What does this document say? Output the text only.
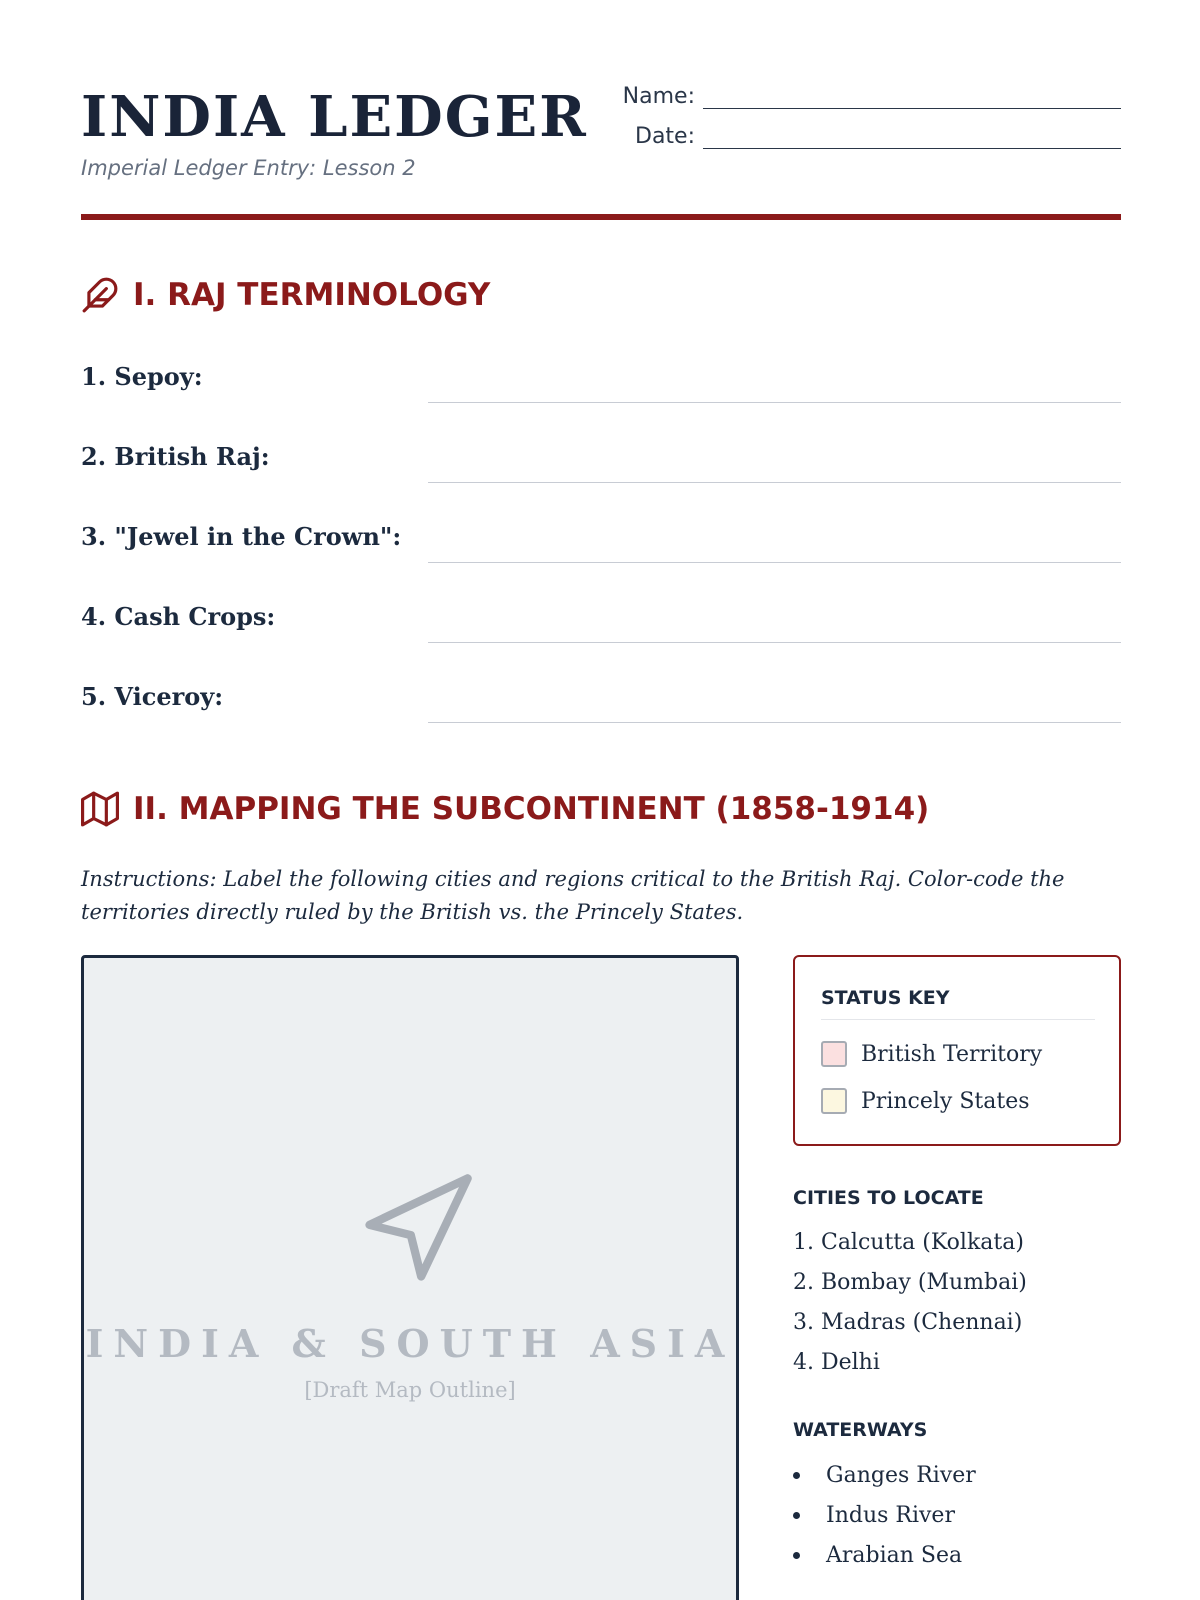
INDIA LEDGER
Imperial Ledger Entry: Lesson 2
Name:
Date:
I. RAJ TERMINOLOGY
1. Sepoy:
2. British Raj:
3. "Jewel in the Crown":
4. Cash Crops:
5. Viceroy:
II. MAPPING THE SUBCONTINENT (1858-1914)

Instructions: Label the following cities and regions critical to the British Raj. Color-code the territories directly ruled by the British vs. the Princely States.

INDIA & SOUTH ASIA
[Draft Map Outline]
STATUS KEY
British Territory
Princely States
CITIES TO LOCATE
1. Calcutta (Kolkata)
2. Bombay (Mumbai)
3. Madras (Chennai)
4. Delhi
WATERWAYS
Ganges River
Indus River
Arabian Sea
